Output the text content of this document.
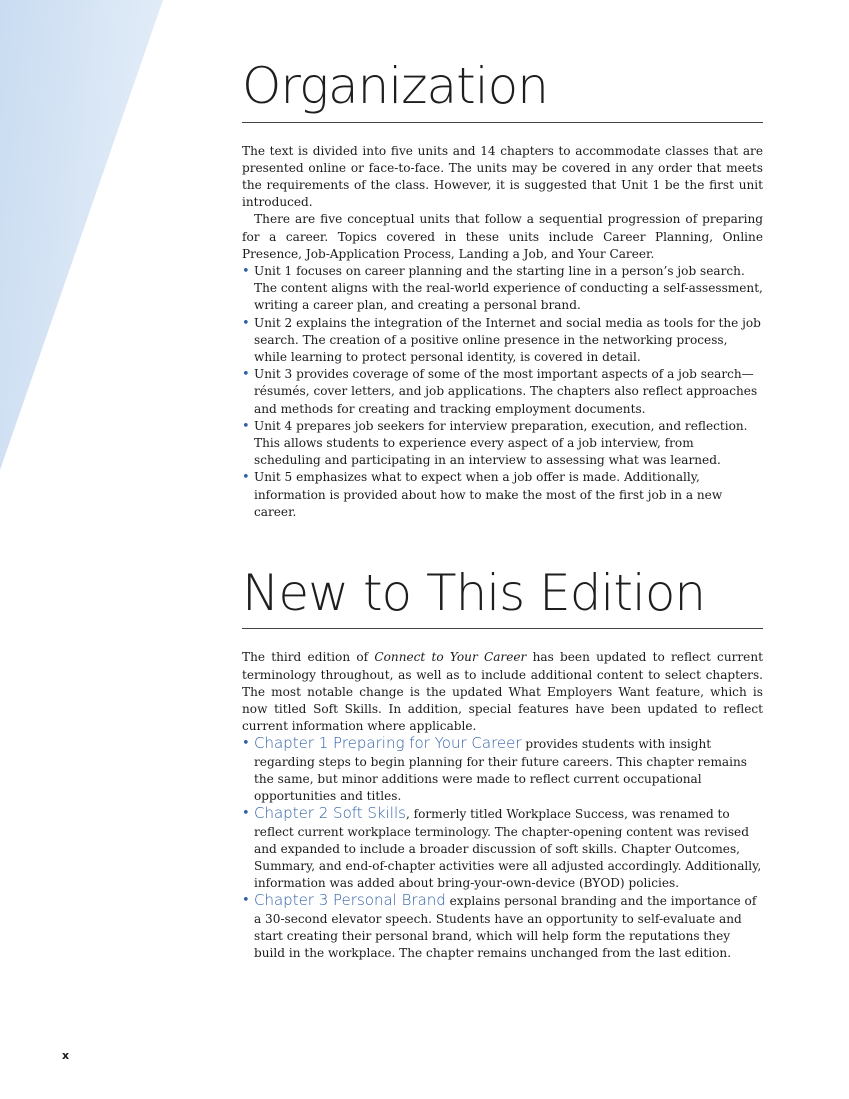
Organization

The text is divided into five units and 14 chapters to accommodate classes that are presented online or face-to-face. The units may be covered in any order that meets the requirements of the class. However, it is suggested that Unit 1 be the first unit introduced.

There are five conceptual units that follow a sequential progression of preparing for a career. Topics covered in these units include Career Planning, Online Presence, Job-Application Process, Landing a Job, and Your Career.

• Unit 1 focuses on career planning and the starting line in a person’s job search. The content aligns with the real-world experience of conducting a self-assessment, writing a career plan, and creating a personal brand.
• Unit 2 explains the integration of the Internet and social media as tools for the job search. The creation of a positive online presence in the networking process, while learning to protect personal identity, is covered in detail.
• Unit 3 provides coverage of some of the most important aspects of a job search—résumés, cover letters, and job applications. The chapters also reflect approaches and methods for creating and tracking employment documents.
• Unit 4 prepares job seekers for interview preparation, execution, and reflection. This allows students to experience every aspect of a job interview, from scheduling and participating in an interview to assessing what was learned.
• Unit 5 emphasizes what to expect when a job offer is made. Additionally, information is provided about how to make the most of the first job in a new career.
New to This Edition

The third edition of Connect to Your Career has been updated to reflect current terminology throughout, as well as to include additional content to select chapters. The most notable change is the updated What Employers Want feature, which is now titled Soft Skills. In addition, special features have been updated to reflect current information where applicable.

• Chapter 1 Preparing for Your Career provides students with insight regarding steps to begin planning for their future careers. This chapter remains the same, but minor additions were made to reflect current occupational opportunities and titles.
• Chapter 2 Soft Skills, formerly titled Workplace Success, was renamed to reflect current workplace terminology. The chapter-opening content was revised and expanded to include a broader discussion of soft skills. Chapter Outcomes, Summary, and end-of-chapter activities were all adjusted accordingly. Additionally, information was added about bring-your-own-device (BYOD) policies.
• Chapter 3 Personal Brand explains personal branding and the importance of a 30-second elevator speech. Students have an opportunity to self-evaluate and start creating their personal brand, which will help form the reputations they build in the workplace. The chapter remains unchanged from the last edition.
x
